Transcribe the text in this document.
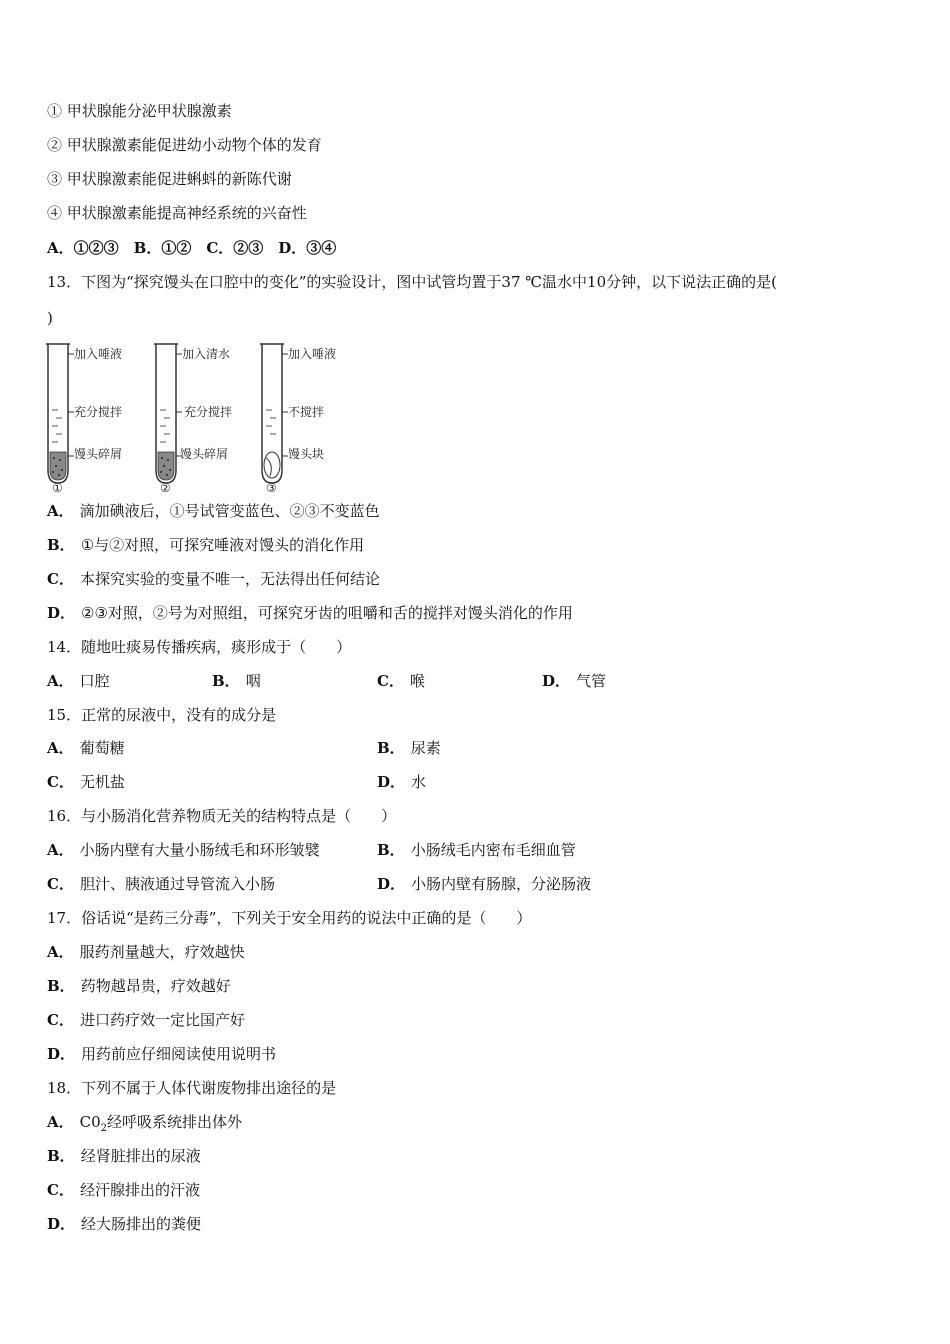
① 甲状腺能分泌甲状腺激素
② 甲状腺激素能促进幼小动物个体的发育
③ 甲状腺激素能促进蝌蚪的新陈代谢
④ 甲状腺激素能提高神经系统的兴奋性
A．①②③　B．①②　C．②③　D．③④
13．下图为“探究馒头在口腔中的变化”的实验设计，图中试管均置于37 ℃温水中10分钟，以下说法正确的是(
)
加入唾液
充分搅拌
馒头碎屑
①
加入清水
充分搅拌
馒头碎屑
②
加入唾液
不搅拌
馒头块
③
A． 滴加碘液后，①号试管变蓝色、②③不变蓝色
B． ①与②对照，可探究唾液对馒头的消化作用
C． 本探究实验的变量不唯一，无法得出任何结论
D． ②③对照，②号为对照组，可探究牙齿的咀嚼和舌的搅拌对馒头消化的作用
14．随地吐痰易传播疾病，痰形成于（　　）
A． 口腔	B． 咽	C． 喉	D． 气管
15．正常的尿液中，没有的成分是
A． 葡萄糖	B． 尿素
C． 无机盐	D． 水
16．与小肠消化营养物质无关的结构特点是（　　）
A． 小肠内壁有大量小肠绒毛和环形皱襞	B． 小肠绒毛内密布毛细血管
C． 胆汁、胰液通过导管流入小肠	D． 小肠内壁有肠腺，分泌肠液
17．俗话说“是药三分毒”，下列关于安全用药的说法中正确的是（　　）
A． 服药剂量越大，疗效越快
B． 药物越昂贵，疗效越好
C． 进口药疗效一定比国产好
D． 用药前应仔细阅读使用说明书
18．下列不属于人体代谢废物排出途径的是
A． $C0_2$经呼吸系统排出体外
B． 经肾脏排出的尿液
C． 经汗腺排出的汗液
D． 经大肠排出的粪便
